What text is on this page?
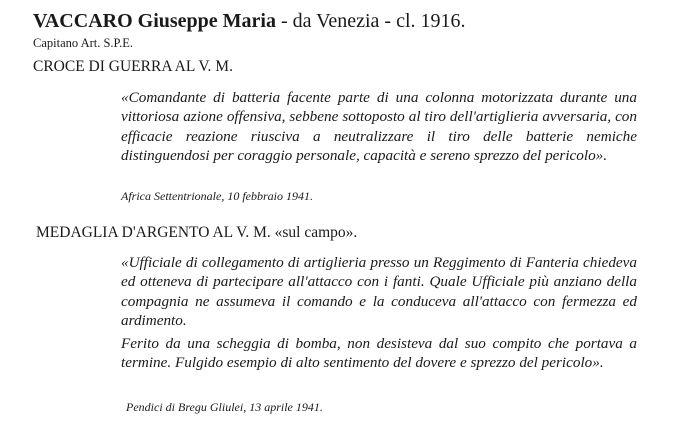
VACCARO Giuseppe Maria - da Venezia - cl. 1916.
Capitano Art. S.P.E.
CROCE DI GUERRA AL V. M.

«Comandante di batteria facente parte di una colonna motorizzata durante una vittoriosa azione offensiva, sebbene sottoposto al tiro dell'artiglieria avversaria, con efficacie reazione riusciva a neutralizzare il tiro delle batterie nemiche distinguendosi per coraggio personale, capacità e sereno sprezzo del pericolo».

Africa Settentrionale, 10 febbraio 1941.
MEDAGLIA D'ARGENTO AL V. M. «sul campo».

«Ufficiale di collegamento di artiglieria presso un Reggimento di Fanteria chiedeva ed otteneva di partecipare all'attacco con i fanti. Quale Ufficiale più anziano della compagnia ne assumeva il comando e la conduceva all'attacco con fermezza ed ardimento.

Ferito da una scheggia di bomba, non desisteva dal suo compito che portava a termine. Fulgido esempio di alto sentimento del dovere e sprezzo del pericolo».

Pendici di Bregu Gliulei, 13 aprile 1941.
